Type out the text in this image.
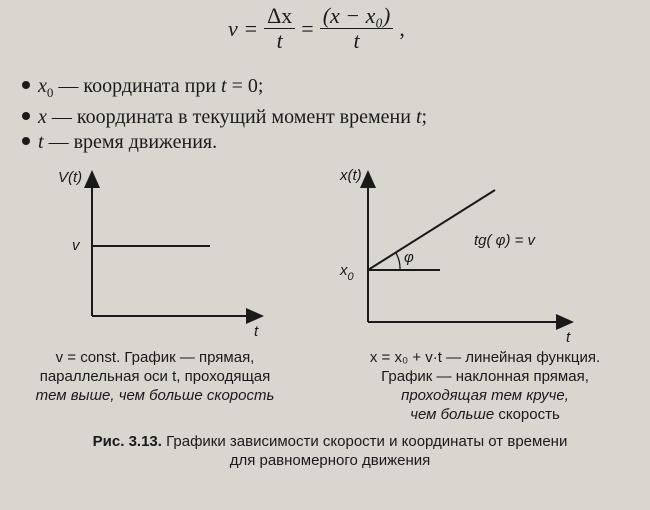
$v = \frac{\Delta x}{t} = \frac{\text{(x − x₀)}}{t}$ ,
$x_0$ — координата при t = 0;
x — координата в текущий момент времени t;
t — время движения.
V(t)
v
t
x(t)
$x_0$
φ
tg( φ) = v
t
v = const. График — прямая,
параллельная оси t, проходящая
тем выше, чем больше скорость
x = x₀ + v·t — линейная функция.
График — наклонная прямая,
проходящая тем круче,
чем больше скорость
Рис. 3.13. Графики зависимости скорости и координаты от времени
для равномерного движения
